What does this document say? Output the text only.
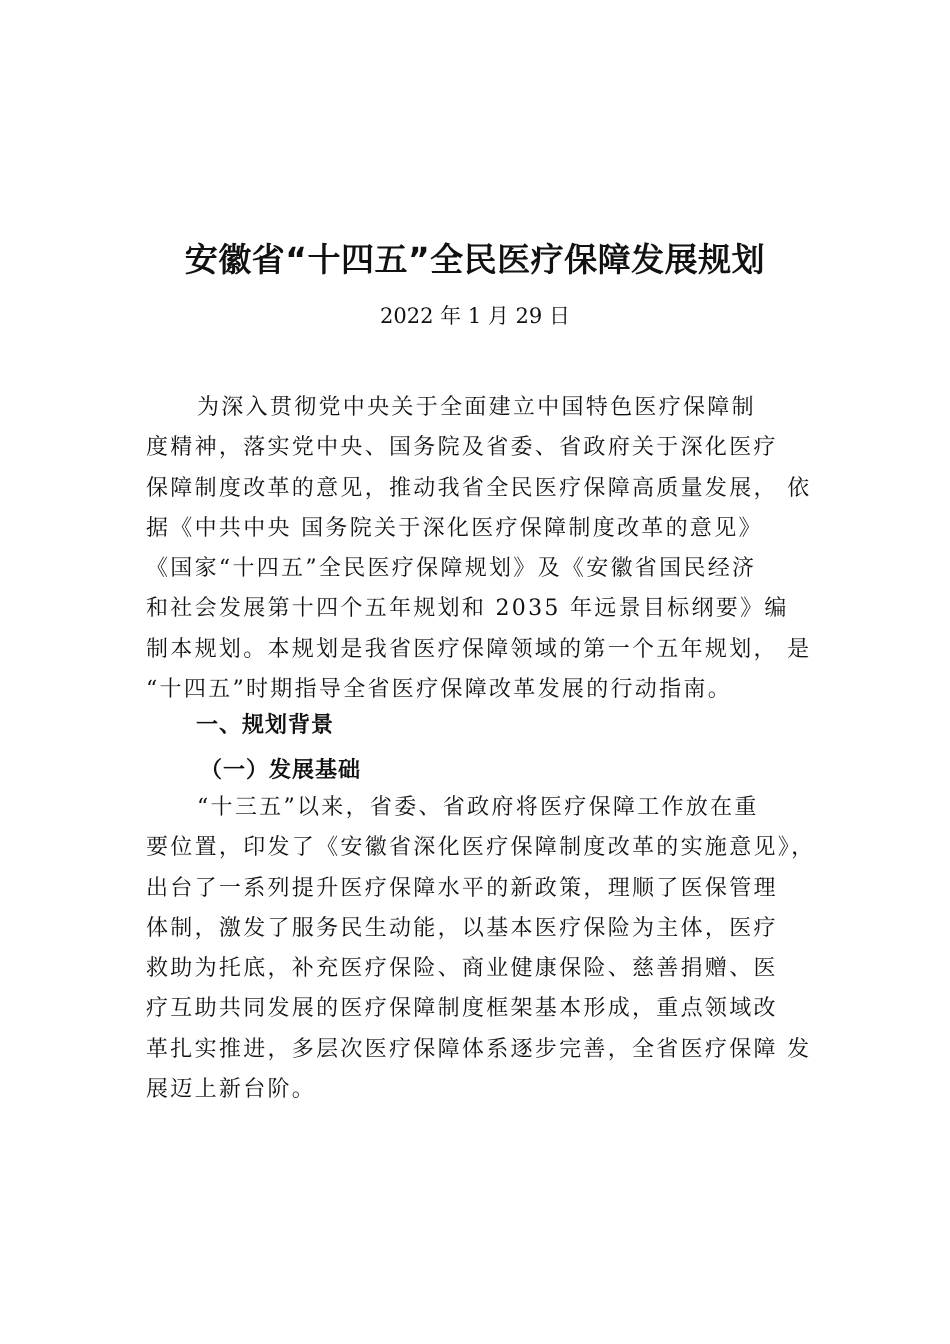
安徽省“十四五”全民医疗保障发展规划
2022 年 1 月 29 日
为深入贯彻党中央关于全面建立中国特色医疗保障制
度精神，落实党中央、国务院及省委、省政府关于深化医疗
保障制度改革的意见，推动我省全民医疗保障高质量发展， 依
据《中共中央 国务院关于深化医疗保障制度改革的意见》
《国家“十四五”全民医疗保障规划》及《安徽省国民经济
和社会发展第十四个五年规划和 2035 年远景目标纲要》编
制本规划。本规划是我省医疗保障领域的第一个五年规划， 是
“十四五”时期指导全省医疗保障改革发展的行动指南。
一、规划背景
（一）发展基础
“十三五”以来，省委、省政府将医疗保障工作放在重
要位置，印发了《安徽省深化医疗保障制度改革的实施意见》，
出台了一系列提升医疗保障水平的新政策，理顺了医保管理
体制，激发了服务民生动能，以基本医疗保险为主体，医疗
救助为托底，补充医疗保险、商业健康保险、慈善捐赠、医
疗互助共同发展的医疗保障制度框架基本形成，重点领域改
革扎实推进，多层次医疗保障体系逐步完善，全省医疗保障 发
展迈上新台阶。
